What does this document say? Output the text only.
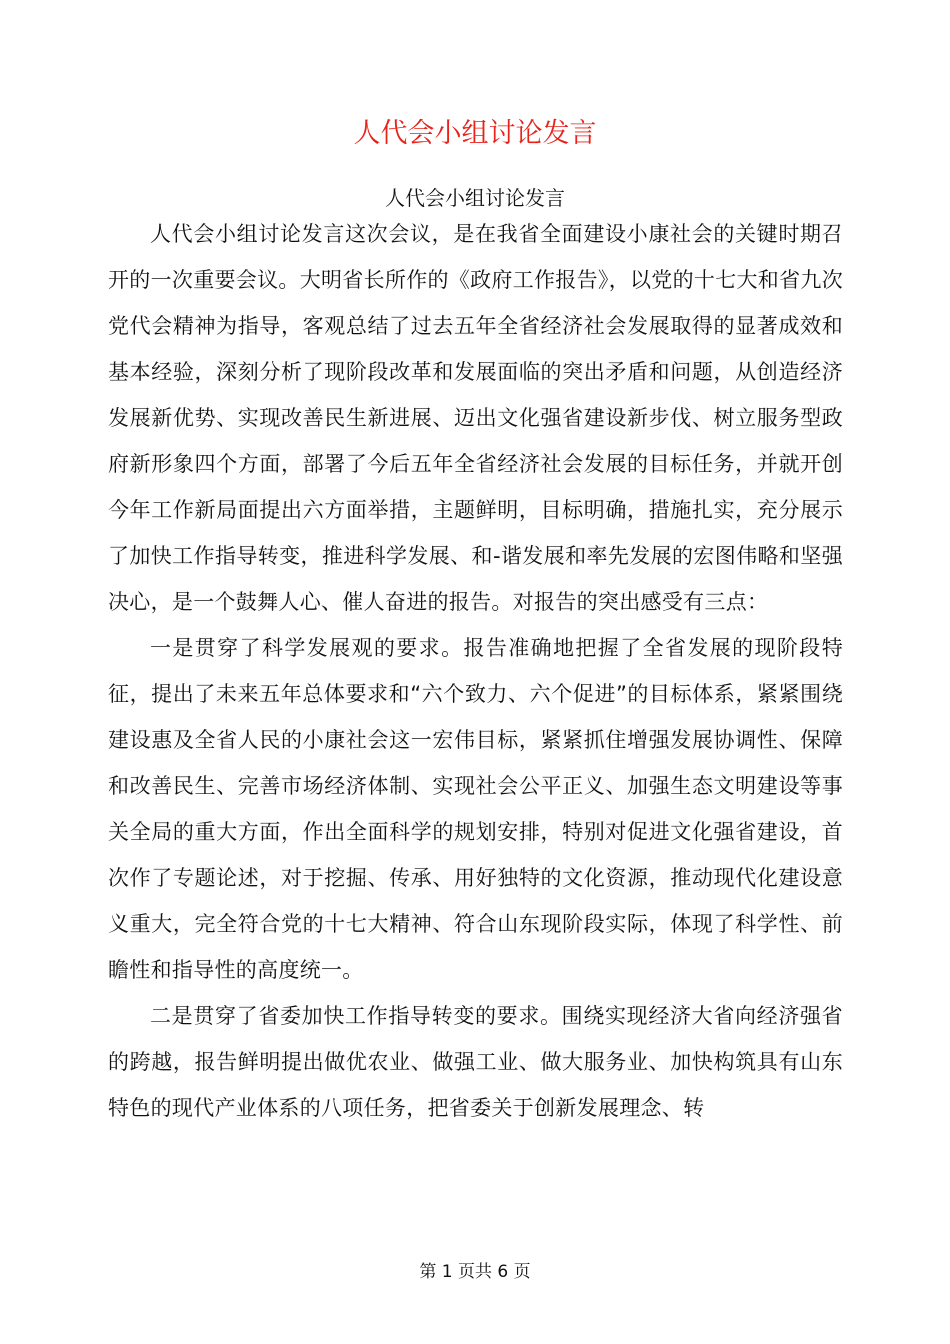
人代会小组讨论发言
人代会小组讨论发言

人代会小组讨论发言这次会议，是在我省全面建设小康社会的关键时期召开的一次重要会议。大明省长所作的《政府工作报告》，以党的十七大和省九次党代会精神为指导，客观总结了过去五年全省经济社会发展取得的显著成效和基本经验，深刻分析了现阶段改革和发展面临的突出矛盾和问题，从创造经济发展新优势、实现改善民生新进展、迈出文化强省建设新步伐、树立服务型政府新形象四个方面，部署了今后五年全省经济社会发展的目标任务，并就开创今年工作新局面提出六方面举措，主题鲜明，目标明确，措施扎实，充分展示了加快工作指导转变，推进科学发展、和-谐发展和率先发展的宏图伟略和坚强决心，是一个鼓舞人心、催人奋进的报告。对报告的突出感受有三点：

一是贯穿了科学发展观的要求。报告准确地把握了全省发展的现阶段特征，提出了未来五年总体要求和“六个致力、六个促进”的目标体系，紧紧围绕建设惠及全省人民的小康社会这一宏伟目标，紧紧抓住增强发展协调性、保障和改善民生、完善市场经济体制、实现社会公平正义、加强生态文明建设等事关全局的重大方面，作出全面科学的规划安排，特别对促进文化强省建设，首次作了专题论述，对于挖掘、传承、用好独特的文化资源，推动现代化建设意义重大，完全符合党的十七大精神、符合山东现阶段实际，体现了科学性、前瞻性和指导性的高度统一。

二是贯穿了省委加快工作指导转变的要求。围绕实现经济大省向经济强省的跨越，报告鲜明提出做优农业、做强工业、做大服务业、加快构筑具有山东特色的现代产业体系的八项任务，把省委关于创新发展理念、转

第 1 页共 6 页
